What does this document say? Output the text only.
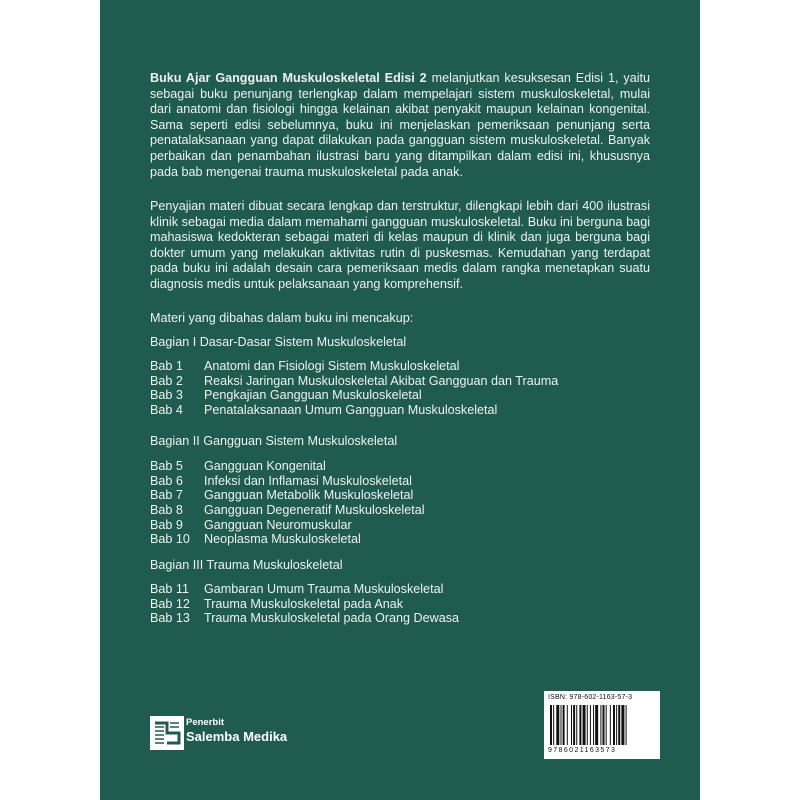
Buku Ajar Gangguan Muskuloskeletal Edisi 2 melanjutkan kesuksesan Edisi 1, yaitu sebagai buku penunjang terlengkap dalam mempelajari sistem muskuloskeletal, mulai dari anatomi dan fisiologi hingga kelainan akibat penyakit maupun kelainan kongenital. Sama seperti edisi sebelumnya, buku ini menjelaskan pemeriksaan penunjang serta penatalaksanaan yang dapat dilakukan pada gangguan sistem muskuloskeletal. Banyak perbaikan dan penambahan ilustrasi baru yang ditampilkan dalam edisi ini, khususnya pada bab mengenai trauma muskuloskeletal pada anak.

Penyajian materi dibuat secara lengkap dan terstruktur, dilengkapi lebih dari 400 ilustrasi klinik sebagai media dalam memahami gangguan muskuloskeletal. Buku ini berguna bagi mahasiswa kedokteran sebagai materi di kelas maupun di klinik dan juga berguna bagi dokter umum yang melakukan aktivitas rutin di puskesmas. Kemudahan yang terdapat pada buku ini adalah desain cara pemeriksaan medis dalam rangka menetapkan suatu diagnosis medis untuk pelaksanaan yang komprehensif.

Materi yang dibahas dalam buku ini mencakup:

Bagian I Dasar-Dasar Sistem Muskuloskeletal

Bab 1 Anatomi dan Fisiologi Sistem Muskuloskeletal
Bab 2 Reaksi Jaringan Muskuloskeletal Akibat Gangguan dan Trauma
Bab 3 Pengkajian Gangguan Muskuloskeletal
Bab 4 Penatalaksanaan Umum Gangguan Muskuloskeletal

Bagian II Gangguan Sistem Muskuloskeletal

Bab 5 Gangguan Kongenital
Bab 6 Infeksi dan Inflamasi Muskuloskeletal
Bab 7 Gangguan Metabolik Muskuloskeletal
Bab 8 Gangguan Degeneratif Muskuloskeletal
Bab 9 Gangguan Neuromuskular
Bab 10 Neoplasma Muskuloskeletal

Bagian III Trauma Muskuloskeletal

Bab 11 Gambaran Umum Trauma Muskuloskeletal
Bab 12 Trauma Muskuloskeletal pada Anak
Bab 13 Trauma Muskuloskeletal pada Orang Dewasa
Penerbit
Salemba Medika
ISBN: 978-602-1163-57-3
9786021163573
